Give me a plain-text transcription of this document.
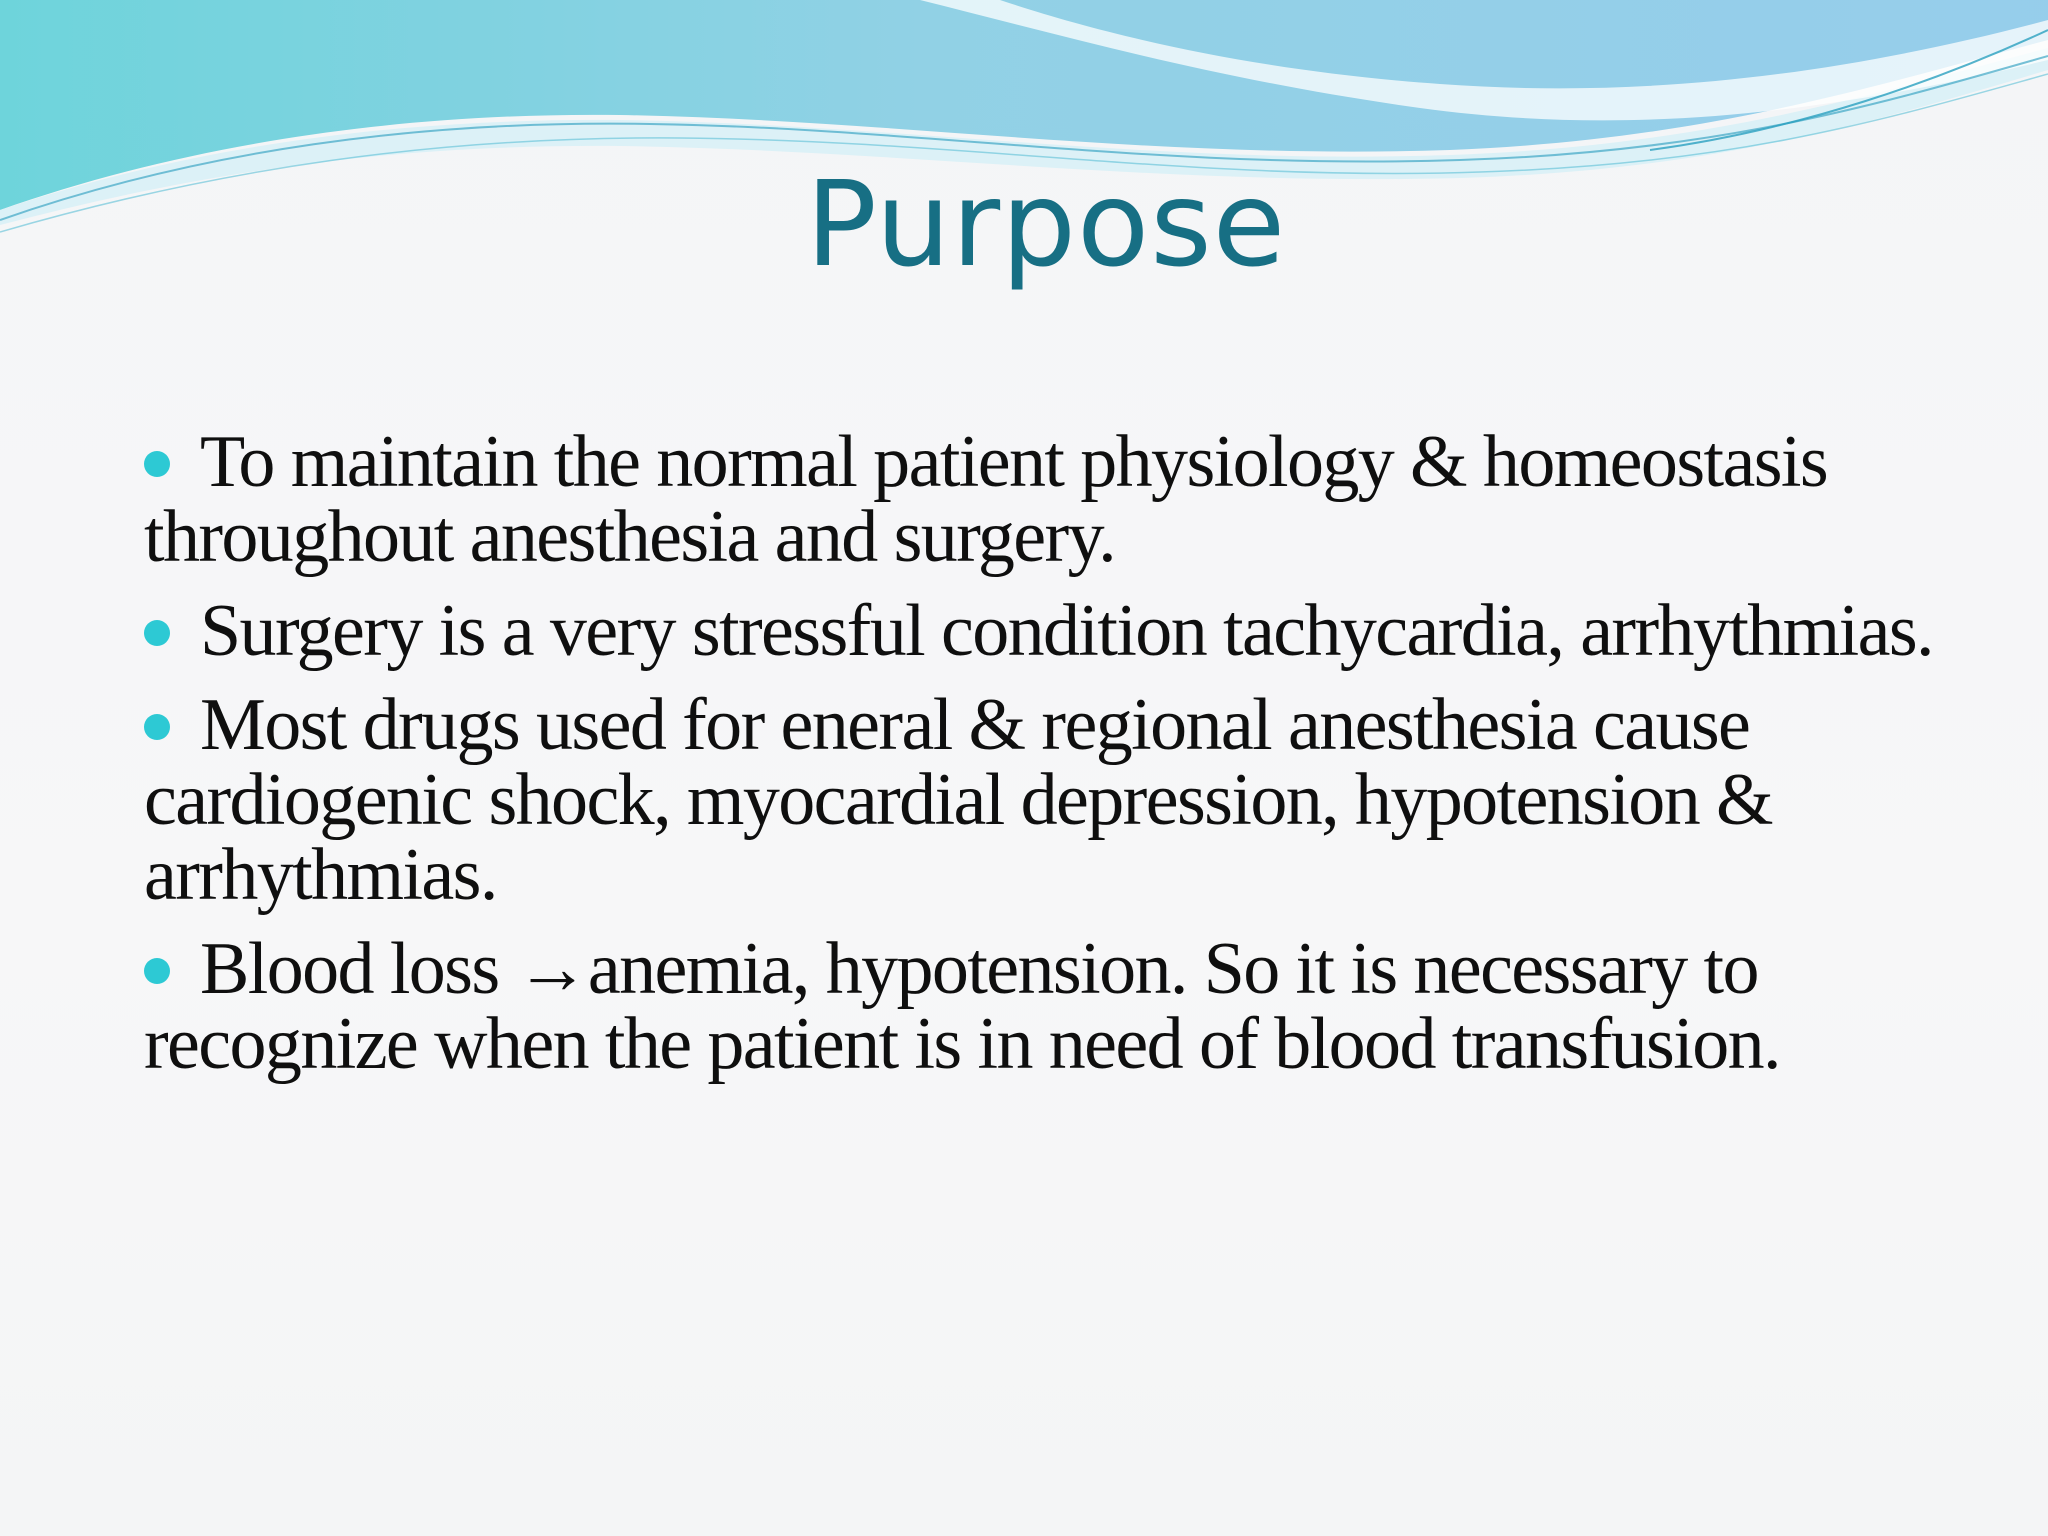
Purpose
To maintain the normal patient physiology & homeostasis throughout anesthesia and surgery.
Surgery is a very stressful condition tachycardia, arrhythmias.
Most drugs used for eneral & regional anesthesia cause cardiogenic shock, myocardial depression, hypotension & arrhythmias.
Blood loss →anemia, hypotension. So it is necessary to recognize when the patient is in need of blood transfusion.
